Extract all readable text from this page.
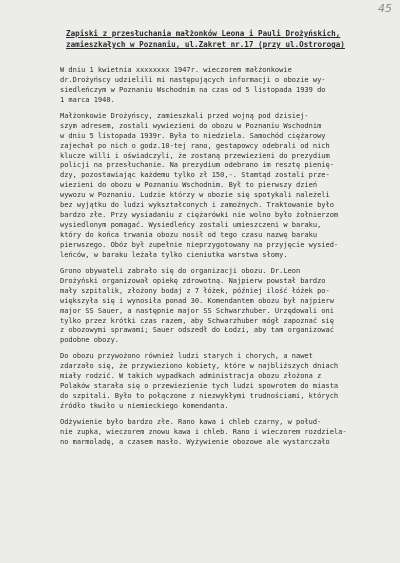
45
Zapiski z przesłuchania małżonków Leona i Pauli Drożyńskich,
zamieszkałych w Poznaniu, ul.Zakręt nr.17 (przy ul.Ostroroga)
W dniu 1 kwietnia xxxxxxxx 1947r. wieczorem małżonkowie
dr.Drożyńscy udzielili mi następujących informacji o obozie wy-
siedleńczym w Poznaniu Wschodnim na czas od 5 listopada 1939 do
1 marca 1940.
Małżonkowie Drożyńscy, zamieszkali przed wojną pod dzisiej-
szym adresem, zostali wywiezieni do obozu w Poznaniu Wschodnim
w dniu 5 listopada 1939r. Była to niedziela. Samochód ciężarowy
zajechał po nich o godz.10-tej rano, gestapowcy odebrali od nich
klucze willi i oświadczyli, że zostaną przewiezieni do prezydium
policji na przesłuchanie. Na prezydium odebrano im resztę pienię-
dzy, pozostawiając każdemu tylko zł 150,-. Stamtąd zostali prze-
wiezieni do obozu w Poznaniu Wschodnim. Był to pierwszy dzień
wywozu w Poznaniu. Ludzie którzy w obozie się spotykali należeli
bez wyjątku do ludzi wykształconych i zamożnych. Traktowanie było
bardzo złe. Przy wysiadaniu z ciężarówki nie wolno było żołnierzom
wysiedlonym pomagać. Wysiedleńcy zostali umieszczeni w baraku,
który do końca trwania obozu nosił od tego czasu nazwę baraku
pierwszego. Obóz był zupełnie nieprzygotowany na przyjęcie wysied-
leńców, w baraku leżała tylko cieniutka warstwa słomy.
Grono obywateli zabrało się do organizacji obozu. Dr.Leon
Drożyński organizował opiekę zdrowotną. Najpierw powstał bardzo
mały szpitalik, złożony bodaj z 7 łóżek, później ilość łóżek po-
większyła się i wynosiła ponad 30. Komendantem obozu był najpierw
major SS Sauer, a następnie major SS Schwarzhuber. Urzędowali oni
tylko przez krótki czas razem, aby Schwarzhuber mógł zapoznać się
z obozowymi sprawami; Sauer odszedł do Łodzi, aby tam organizować
podobne obozy.
Do obozu przywożono również ludzi starych i chorych, a nawet
zdarzało się, że przywieziono kobiety, które w najbliższych dniach
miały rodzić. W takich wypadkach administracja obozu złożona z
Polaków starała się o przewiezienie tych ludzi spowrotem do miasta
do szpitali. Było to połączone z niezwykłymi trudnościami, których
źródło tkwiło u niemieckiego komendanta.
Odżywienie było bardzo złe. Rano kawa i chleb czarny, w połud-
nie zupka, wieczorem znowu kawa i chleb. Rano i wieczorem rozdziela-
no marmoladę, a czasem masło. Wyżywienie obozowe ale wystarczało
